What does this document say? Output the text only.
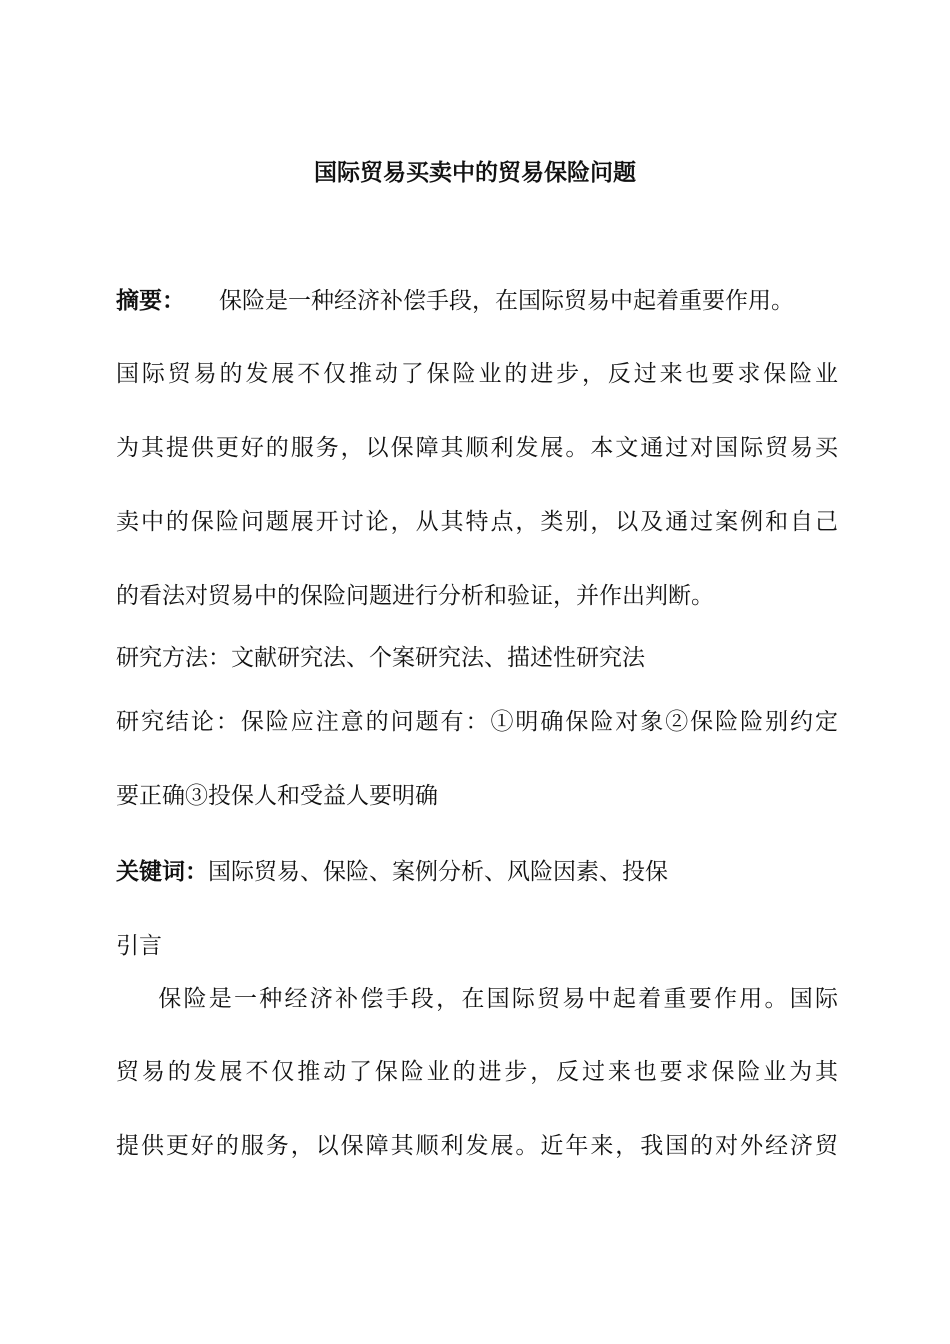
国际贸易买卖中的贸易保险问题
摘要： 保险是一种经济补偿手段，在国际贸易中起着重要作用。
国际贸易的发展不仅推动了保险业的进步，反过来也要求保险业
为其提供更好的服务，以保障其顺利发展。本文通过对国际贸易买
卖中的保险问题展开讨论，从其特点，类别，以及通过案例和自己
的看法对贸易中的保险问题进行分析和验证，并作出判断。
研究方法：文献研究法、个案研究法、描述性研究法
研究结论：保险应注意的问题有：①明确保险对象②保险险别约定
要正确③投保人和受益人要明确
关键词：国际贸易、保险、案例分析、风险因素、投保
引言
保险是一种经济补偿手段，在国际贸易中起着重要作用。国际
贸易的发展不仅推动了保险业的进步，反过来也要求保险业为其
提供更好的服务，以保障其顺利发展。近年来，我国的对外经济贸
